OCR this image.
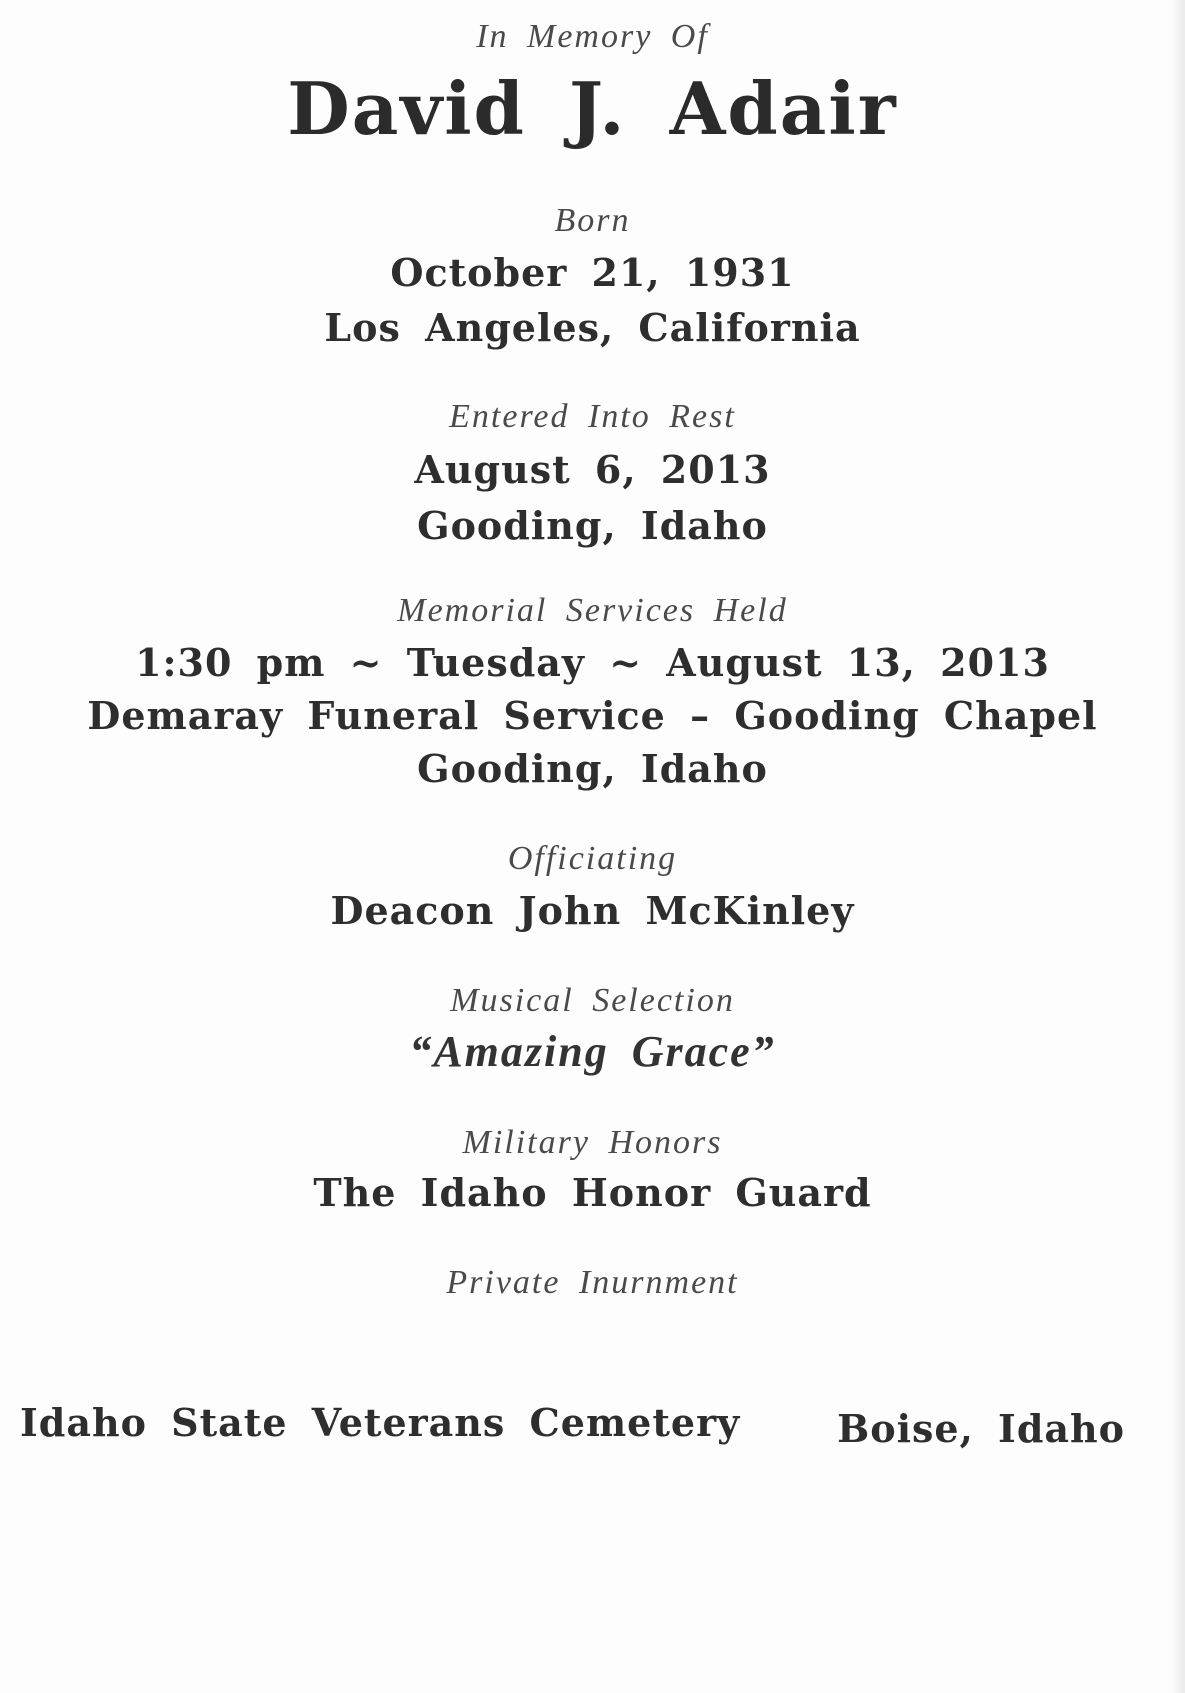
In Memory Of
David J. Adair
Born
October 21, 1931
Los Angeles, California
Entered Into Rest
August 6, 2013
Gooding, Idaho
Memorial Services Held
1:30 pm ~ Tuesday ~ August 13, 2013
Demaray Funeral Service – Gooding Chapel
Gooding, Idaho
Officiating
Deacon John McKinley
Musical Selection
“Amazing Grace”
Military Honors
The Idaho Honor Guard
Private Inurnment
Idaho State Veterans Cemetery	Boise, Idaho
